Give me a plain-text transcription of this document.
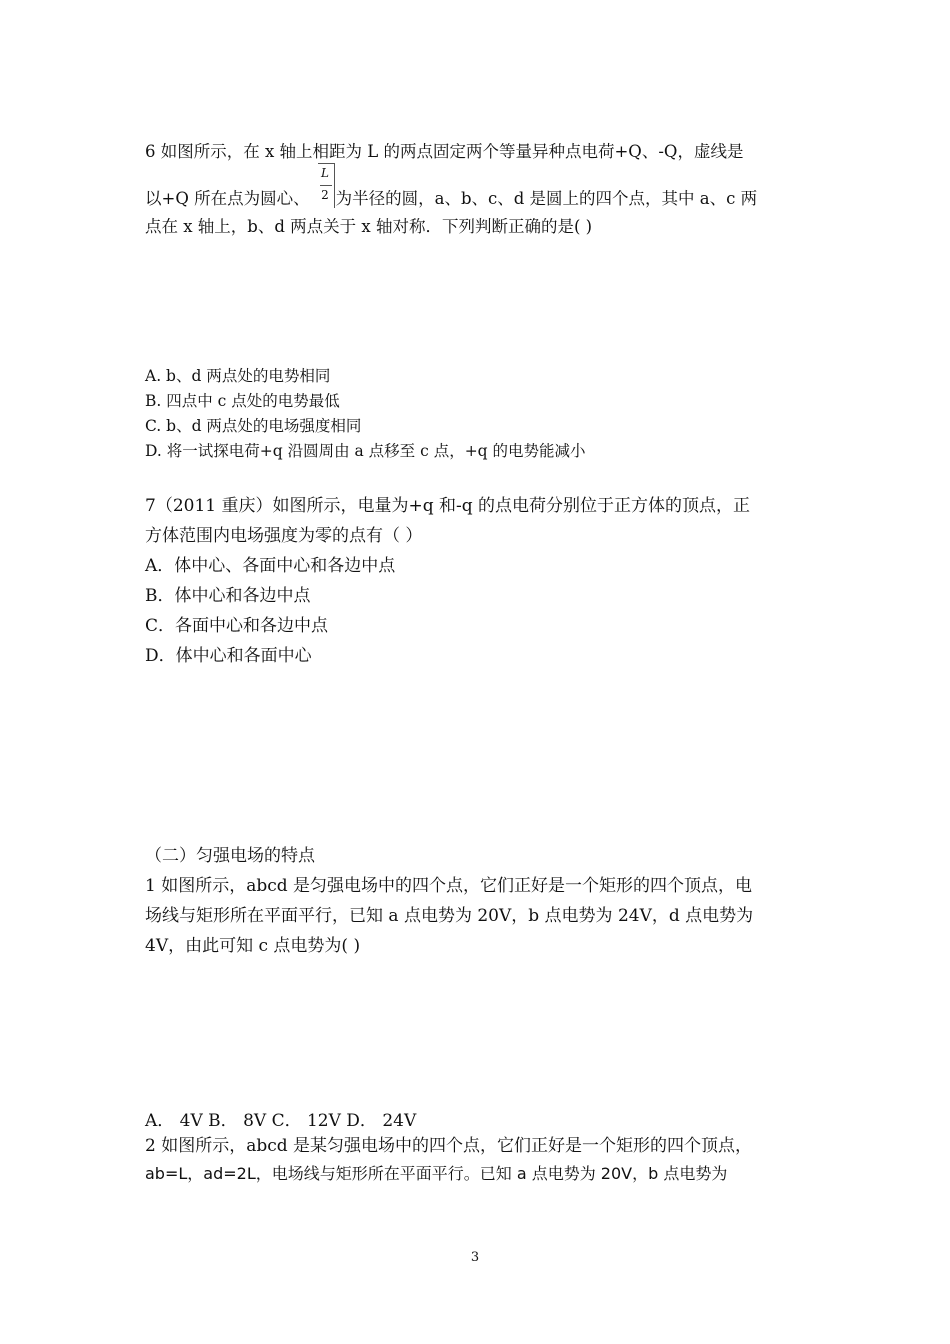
6 如图所示，在 x 轴上相距为 L 的两点固定两个等量异种点电荷+Q、-Q，虚线是
以+Q 所在点为圆心、 为半径的圆，a、b、c、d 是圆上的四个点，其中 a、c 两
L
2
点在 x 轴上，b、d 两点关于 x 轴对称．下列判断正确的是( )
A. b、d 两点处的电势相同
B. 四点中 c 点处的电势最低
C. b、d 两点处的电场强度相同
D. 将一试探电荷+q 沿圆周由 a 点移至 c 点，+q 的电势能减小
7（2011 重庆）如图所示，电量为+q 和-q 的点电荷分别位于正方体的顶点，正
方体范围内电场强度为零的点有（ ）
A．体中心、各面中心和各边中点
B．体中心和各边中点
C．各面中心和各边中点
D．体中心和各面中心
（二）匀强电场的特点
1 如图所示，abcd 是匀强电场中的四个点，它们正好是一个矩形的四个顶点，电
场线与矩形所在平面平行，已知 a 点电势为 20V，b 点电势为 24V，d 点电势为
4V，由此可知 c 点电势为( )
A． 4V B． 8V C． 12V D． 24V
2 如图所示，abcd 是某匀强电场中的四个点，它们正好是一个矩形的四个顶点，
ab=L，ad=2L，电场线与矩形所在平面平行。已知 a 点电势为 20V，b 点电势为
3
